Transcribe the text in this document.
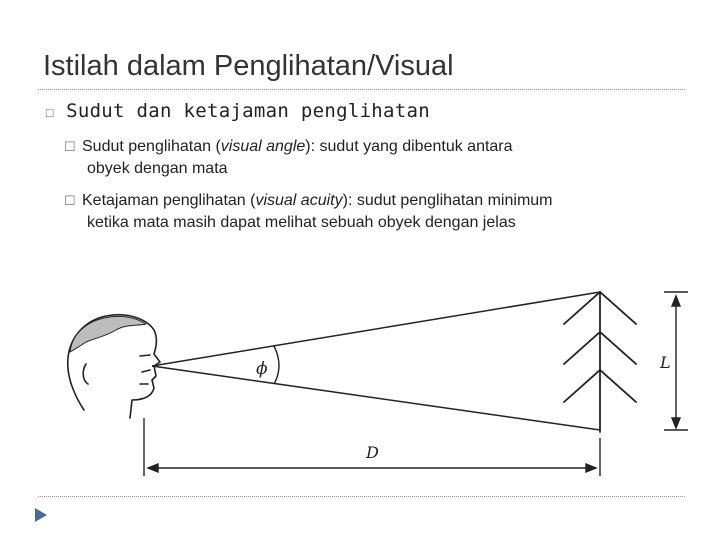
Istilah dalam Penglihatan/Visual
☐ Sudut dan ketajaman penglihatan
☐ Sudut penglihatan (visual angle): sudut yang dibentuk antara
obyek dengan mata
☐ Ketajaman penglihatan (visual acuity): sudut penglihatan minimum
ketika mata masih dapat melihat sebuah obyek dengan jelas
ϕ	L
D
